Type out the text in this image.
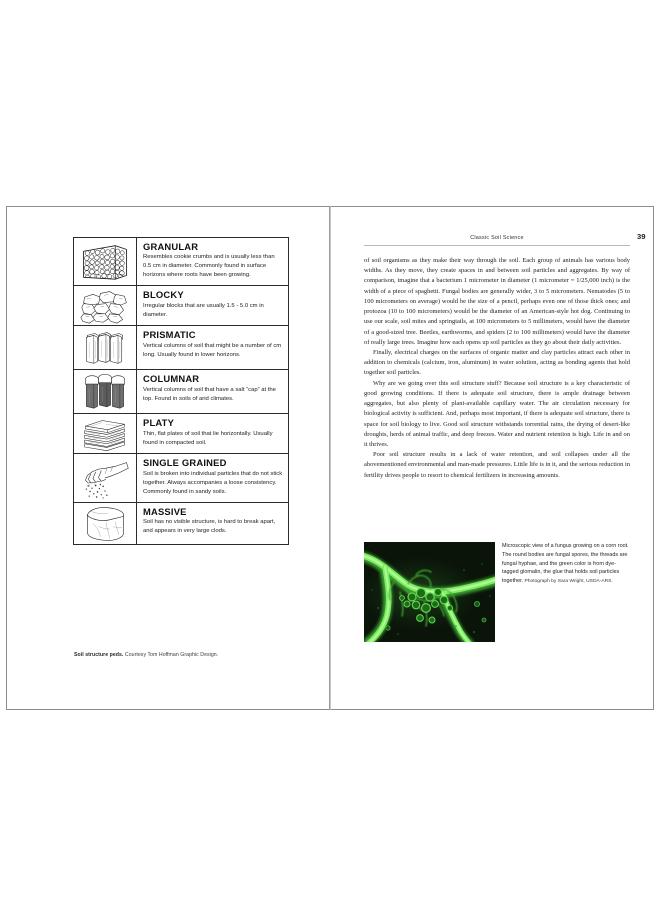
GRANULAR
Resembles cookie crumbs and is usually less than 0.5 cm in diameter. Commonly found in surface horizons where roots have been growing.
BLOCKY
Irregular blocks that are usually 1.5 - 5.0 cm in diameter.
PRISMATIC
Vertical columns of soil that might be a number of cm long. Usually found in lower horizons.
COLUMNAR
Vertical columns of soil that have a salt “cap” at the top. Found in soils of arid climates.
PLATY
Thin, flat plates of soil that lie horizontally. Usually found in compacted soil.
SINGLE GRAINED
Soil is broken into individual particles that do not stick together. Always accompanies a loose consistency. Commonly found in sandy soils.
MASSIVE
Soil has no visible structure, is hard to break apart, and appears in very large clods.
Soil structure peds. Courtesy Tom Hoffman Graphic Design.
Classic Soil Science	39

of soil organisms as they make their way through the soil. Each group of animals has various body widths. As they move, they create spaces in and between soil particles and aggregates. By way of comparison, imagine that a bacterium 1 micrometer in diameter (1 micrometer = 1/25,000 inch) is the width of a piece of spaghetti. Fungal bodies are generally wider, 3 to 5 micrometers. Nematodes (5 to 100 micrometers on average) would be the size of a pencil, perhaps even one of those thick ones; and protozoa (10 to 100 micrometers) would be the diameter of an American-style hot dog. Continuing to use our scale, soil mites and springtails, at 100 micrometers to 5 millimeters, would have the diameter of a good-sized tree. Beetles, earthworms, and spiders (2 to 100 millimeters) would have the diameter of really large trees. Imagine how each opens up soil particles as they go about their daily activities.

Finally, electrical charges on the surfaces of organic matter and clay particles attract each other in addition to chemicals (calcium, iron, aluminum) in water solution, acting as bonding agents that hold together soil particles.

Why are we going over this soil structure stuff? Because soil structure is a key characteristic of good growing conditions. If there is adequate soil structure, there is ample drainage between aggregates, but also plenty of plant-available capillary water. The air circulation necessary for biological activity is sufficient. And, perhaps most important, if there is adequate soil structure, there is space for soil biology to live. Good soil structure withstands torrential rains, the drying of desert-like droughts, herds of animal traffic, and deep freezes. Water and nutrient retention is high. Life in and on it thrives.

Poor soil structure results in a lack of water retention, and soil collapses under all the abovementioned environmental and man-made pressures. Little life is in it, and the serious reduction in fertility drives people to resort to chemical fertilizers in increasing amounts.

Microscopic view of a fungus growing on a corn root. The round bodies are fungal spores, the threads are fungal hyphae, and the green color is from dye-tagged glomalin, the glue that holds soil particles together. Photograph by Sara Wright, USDA-ARS.
